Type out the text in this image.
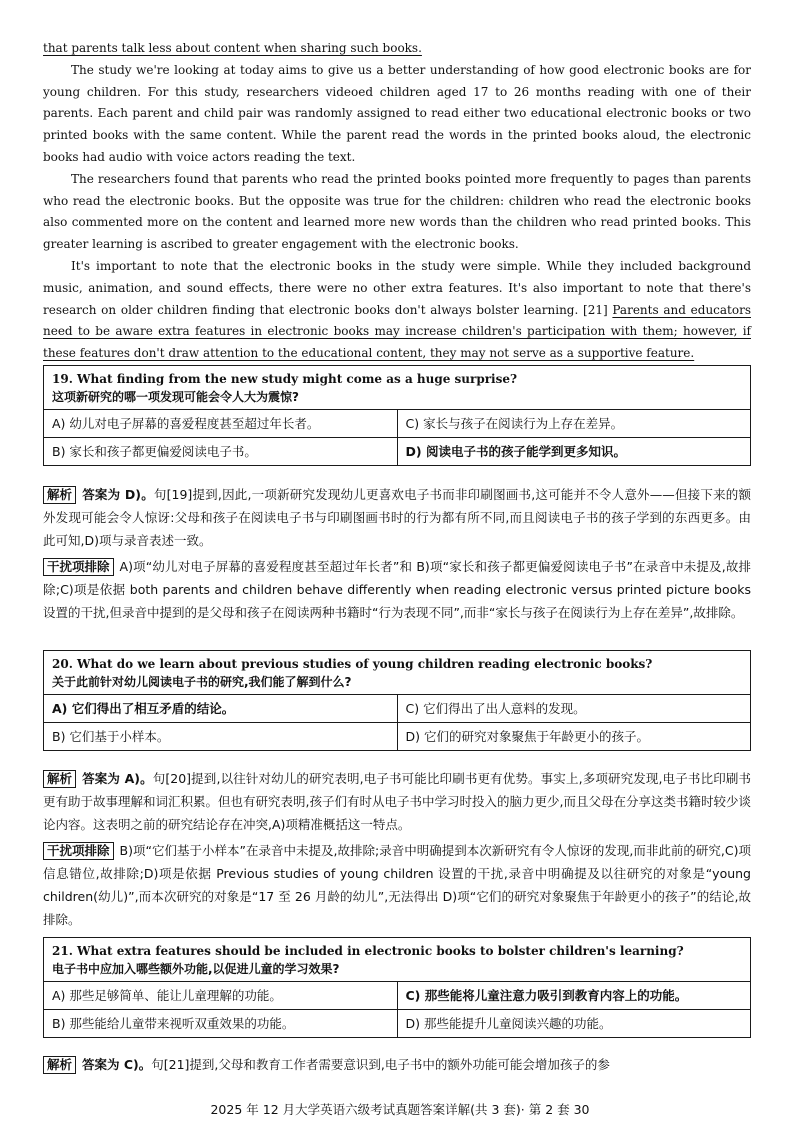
that parents talk less about content when sharing such books.

The study we're looking at today aims to give us a better understanding of how good electronic books are for young children. For this study, researchers videoed children aged 17 to 26 months reading with one of their parents. Each parent and child pair was randomly assigned to read either two educational electronic books or two printed books with the same content. While the parent read the words in the printed books aloud, the electronic books had audio with voice actors reading the text.

The researchers found that parents who read the printed books pointed more frequently to pages than parents who read the electronic books. But the opposite was true for the children: children who read the electronic books also commented more on the content and learned more new words than the children who read printed books. This greater learning is ascribed to greater engagement with the electronic books.

It's important to note that the electronic books in the study were simple. While they included background music, animation, and sound effects, there were no other extra features. It's also important to note that there's research on older children finding that electronic books don't always bolster learning. [21] Parents and educators need to be aware extra features in electronic books may increase children's participation with them; however, if these features don't draw attention to the educational content, they may not serve as a supportive feature.

19. What finding from the new study might come as a huge surprise?
这项新研究的哪一项发现可能会令人大为震惊?
A) 幼儿对电子屏幕的喜爱程度甚至超过年长者。	C) 家长与孩子在阅读行为上存在差异。
B) 家长和孩子都更偏爱阅读电子书。	D) 阅读电子书的孩子能学到更多知识。

解析 答案为 D)。句[19]提到,因此,一项新研究发现幼儿更喜欢电子书而非印刷图画书,这可能并不令人意外——但接下来的额外发现可能会令人惊讶:父母和孩子在阅读电子书与印刷图画书时的行为都有所不同,而且阅读电子书的孩子学到的东西更多。由此可知,D)项与录音表述一致。

干扰项排除 A)项“幼儿对电子屏幕的喜爱程度甚至超过年长者”和 B)项“家长和孩子都更偏爱阅读电子书”在录音中未提及,故排除;C)项是依据 both parents and children behave differently when reading electronic versus printed picture books 设置的干扰,但录音中提到的是父母和孩子在阅读两种书籍时“行为表现不同”,而非“家长与孩子在阅读行为上存在差异”,故排除。

20. What do we learn about previous studies of young children reading electronic books?
关于此前针对幼儿阅读电子书的研究,我们能了解到什么?
A) 它们得出了相互矛盾的结论。	C) 它们得出了出人意料的发现。
B) 它们基于小样本。	D) 它们的研究对象聚焦于年龄更小的孩子。

解析 答案为 A)。句[20]提到,以往针对幼儿的研究表明,电子书可能比印刷书更有优势。事实上,多项研究发现,电子书比印刷书更有助于故事理解和词汇积累。但也有研究表明,孩子们有时从电子书中学习时投入的脑力更少,而且父母在分享这类书籍时较少谈论内容。这表明之前的研究结论存在冲突,A)项精准概括这一特点。

干扰项排除 B)项“它们基于小样本”在录音中未提及,故排除;录音中明确提到本次新研究有令人惊讶的发现,而非此前的研究,C)项信息错位,故排除;D)项是依据 Previous studies of young children 设置的干扰,录音中明确提及以往研究的对象是“young children(幼儿)”,而本次研究的对象是“17 至 26 月龄的幼儿”,无法得出 D)项“它们的研究对象聚焦于年龄更小的孩子”的结论,故排除。

21. What extra features should be included in electronic books to bolster children's learning?
电子书中应加入哪些额外功能,以促进儿童的学习效果?
A) 那些足够简单、能让儿童理解的功能。	C) 那些能将儿童注意力吸引到教育内容上的功能。
B) 那些能给儿童带来视听双重效果的功能。	D) 那些能提升儿童阅读兴趣的功能。

解析 答案为 C)。句[21]提到,父母和教育工作者需要意识到,电子书中的额外功能可能会增加孩子的参

2025 年 12 月大学英语六级考试真题答案详解(共 3 套)· 第 2 套 30
